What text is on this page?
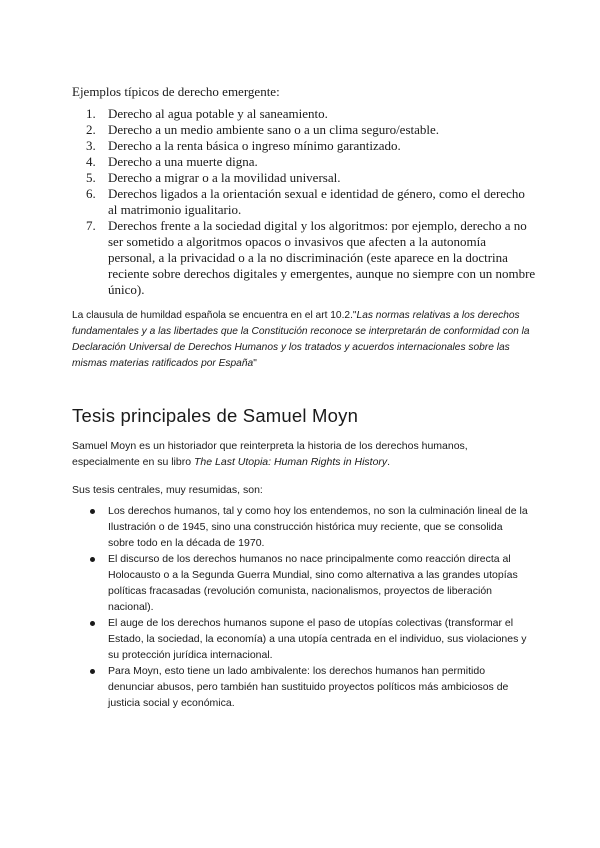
Ejemplos típicos de derecho emergente:

1. Derecho al agua potable y al saneamiento.
2. Derecho a un medio ambiente sano o a un clima seguro/estable.
3. Derecho a la renta básica o ingreso mínimo garantizado.
4. Derecho a una muerte digna.
5. Derecho a migrar o a la movilidad universal.
6. Derechos ligados a la orientación sexual e identidad de género, como el derecho al matrimonio igualitario.
7. Derechos frente a la sociedad digital y los algoritmos: por ejemplo, derecho a no ser sometido a algoritmos opacos o invasivos que afecten a la autonomía personal, a la privacidad o a la no discriminación (este aparece en la doctrina reciente sobre derechos digitales y emergentes, aunque no siempre con un nombre único).

La clausula de humildad española se encuentra en el art 10.2."Las normas relativas a los derechos fundamentales y a las libertades que la Constitución reconoce se interpretarán de conformidad con la Declaración Universal de Derechos Humanos y los tratados y acuerdos internacionales sobre las mismas materias ratificados por España"

Tesis principales de Samuel Moyn

Samuel Moyn es un historiador que reinterpreta la historia de los derechos humanos, especialmente en su libro The Last Utopia: Human Rights in History.

Sus tesis centrales, muy resumidas, son:

Los derechos humanos, tal y como hoy los entendemos, no son la culminación lineal de la Ilustración o de 1945, sino una construcción histórica muy reciente, que se consolida sobre todo en la década de 1970.
El discurso de los derechos humanos no nace principalmente como reacción directa al Holocausto o a la Segunda Guerra Mundial, sino como alternativa a las grandes utopías políticas fracasadas (revolución comunista, nacionalismos, proyectos de liberación nacional).
El auge de los derechos humanos supone el paso de utopías colectivas (transformar el Estado, la sociedad, la economía) a una utopía centrada en el individuo, sus violaciones y su protección jurídica internacional.
Para Moyn, esto tiene un lado ambivalente: los derechos humanos han permitido denunciar abusos, pero también han sustituido proyectos políticos más ambiciosos de justicia social y económica.
